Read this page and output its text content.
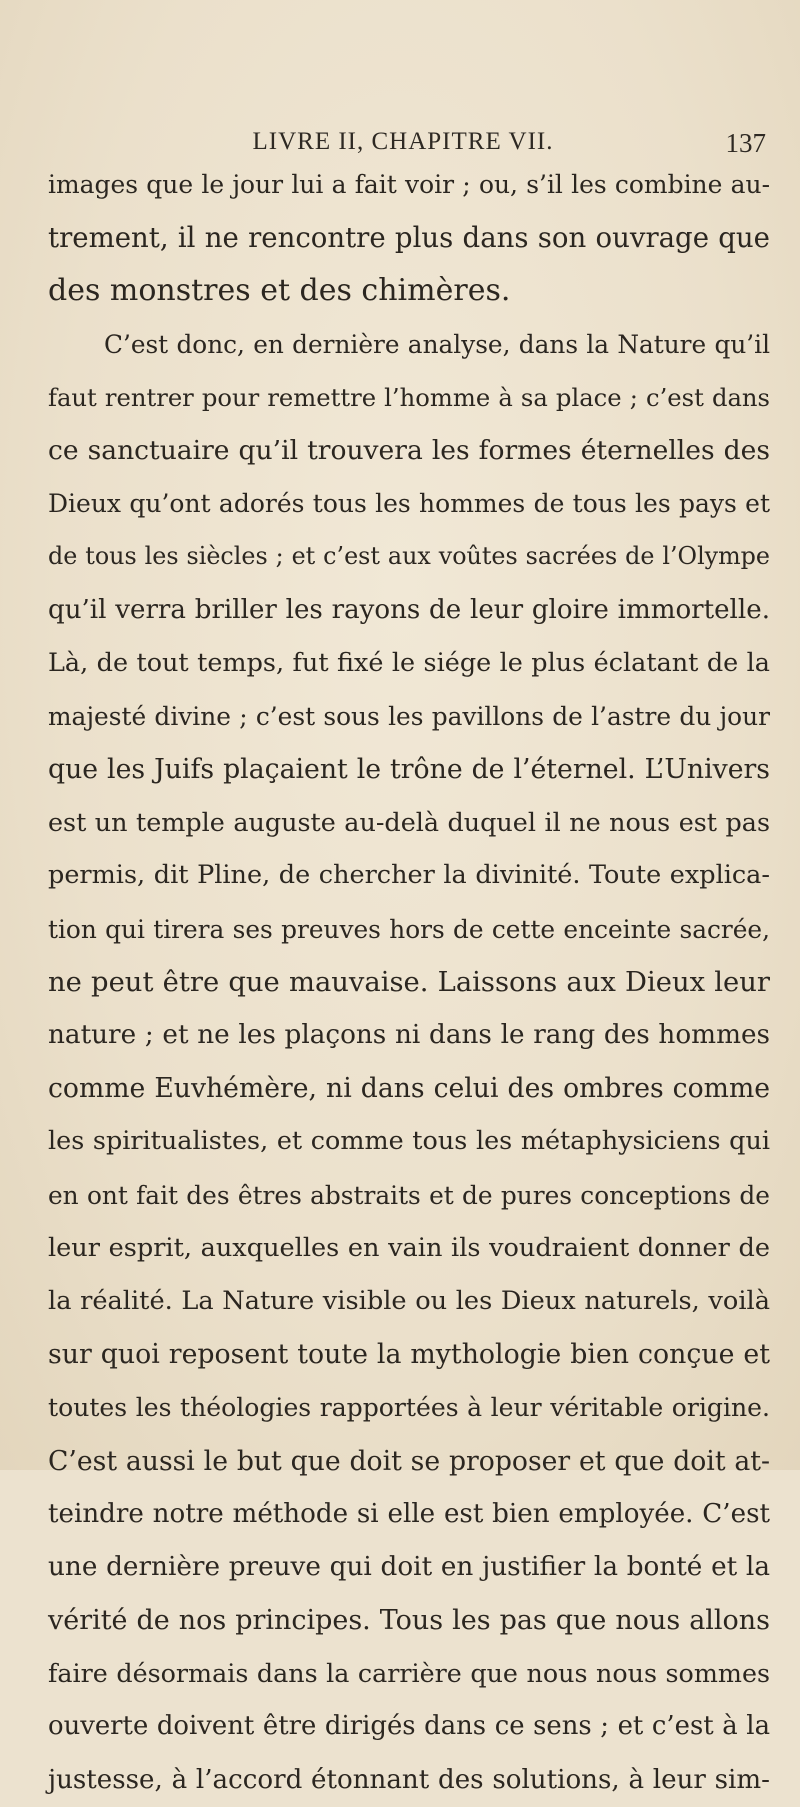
LIVRE II, CHAPITRE VII.	137
images que le jour lui a fait voir ; ou, s’il les combine au-
trement, il ne rencontre plus dans son ouvrage que
des monstres et des chimères.
C’est donc, en dernière analyse, dans la Nature qu’il
faut rentrer pour remettre l’homme à sa place ; c’est dans
ce sanctuaire qu’il trouvera les formes éternelles des
Dieux qu’ont adorés tous les hommes de tous les pays et
de tous les siècles ; et c’est aux voûtes sacrées de l’Olympe
qu’il verra briller les rayons de leur gloire immortelle.
Là, de tout temps, fut fixé le siége le plus éclatant de la
majesté divine ; c’est sous les pavillons de l’astre du jour
que les Juifs plaçaient le trône de l’éternel. L’Univers
est un temple auguste au-delà duquel il ne nous est pas
permis, dit Pline, de chercher la divinité. Toute explica-
tion qui tirera ses preuves hors de cette enceinte sacrée,
ne peut être que mauvaise. Laissons aux Dieux leur
nature ; et ne les plaçons ni dans le rang des hommes
comme Euvhémère, ni dans celui des ombres comme
les spiritualistes, et comme tous les métaphysiciens qui
en ont fait des êtres abstraits et de pures conceptions de
leur esprit, auxquelles en vain ils voudraient donner de
la réalité. La Nature visible ou les Dieux naturels, voilà
sur quoi reposent toute la mythologie bien conçue et
toutes les théologies rapportées à leur véritable origine.
C’est aussi le but que doit se proposer et que doit at-
teindre notre méthode si elle est bien employée. C’est
une dernière preuve qui doit en justifier la bonté et la
vérité de nos principes. Tous les pas que nous allons
faire désormais dans la carrière que nous nous sommes
ouverte doivent être dirigés dans ce sens ; et c’est à la
justesse, à l’accord étonnant des solutions, à leur sim-
